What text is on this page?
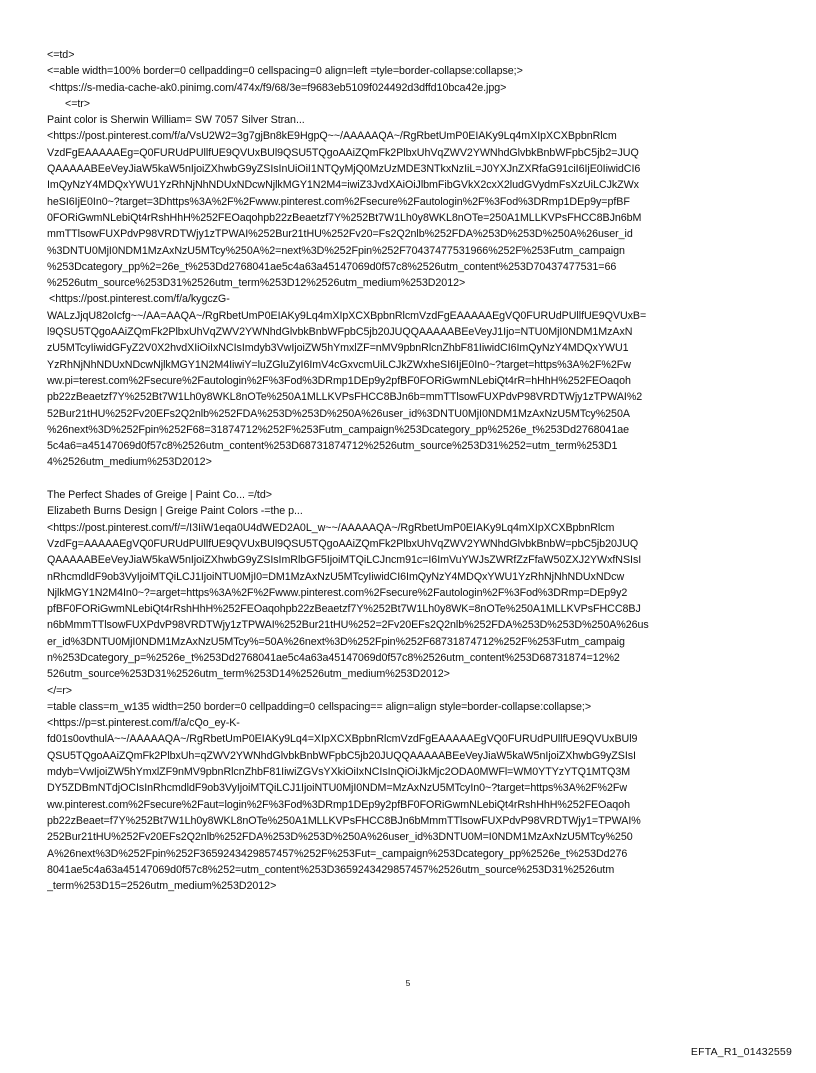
<=td>
<=able width=100% border=0 cellpadding=0 cellspacing=0 align=left =tyle=border-collapse:collapse;>
<https://s-media-cache-ak0.pinimg.com/474x/f9/68/3e=f9683eb5109f024492d3dffd10bca42e.jpg>
<=tr>
Paint color is Sherwin William= SW 7057 Silver Stran...
<https://post.pinterest.com/f/a/VsU2W2=3g7gjBn8kE9HgpQ~~/AAAAAQA~/RgRbetUmP0EIAKy9Lq4mXIpXCXBpbnRlcm
VzdFgEAAAAAEg=Q0FURUdPUllfUE9QVUxBUl9QSU5TQgoAAiZQmFk2PlbxUhVqZWV2YWNhdGlvbkBnbWFpbC5jb2=JUQ
QAAAAABEeVeyJiaW5kaW5nIjoiZXhwbG9yZSIsInUiOiI1NTQyMjQ0MzUzMDE3NTkxNzIiL=J0YXJnZXRfaG91ciI6IjE0IiwidCI6
ImQyNzY4MDQxYWU1YzRhNjNhNDUxNDcwNjlkMGY1N2M4=iwiZ3JvdXAiOiJlbmFibGVkX2cxX2ludGVydmFsXzUiLCJkZWx
heSI6IjE0In0~?target=3Dhttps%3A%2F%2Fwww.pinterest.com%2Fsecure%2Fautologin%2F%3Fod%3DRmp1DEp9y=pfBF
0FORiGwmNLebiQt4rRshHhH%252FEOaqohpb22zBeaetzf7Y%252Bt7W1Lh0y8WKL8nOTe=250A1MLLKVPsFHCC8BJn6bM
mmTTlsowFUXPdvP98VRDTWjy1zTPWAI%252Bur21tHU%252Fv20=Fs2Q2nlb%252FDA%253D%253D%250A%26user_id
%3DNTU0MjI0NDM1MzAxNzU5MTcy%250A%2=next%3D%252Fpin%252F70437477531966%252F%253Futm_campaign
%253Dcategory_pp%2=26e_t%253Dd2768041ae5c4a63a45147069d0f57c8%2526utm_content%253D70437477531=66
%2526utm_source%253D31%2526utm_term%253D12%2526utm_medium%253D2012>
<https://post.pinterest.com/f/a/kygczG-
WALzJjqU82oIcfg~~/AA=AAQA~/RgRbetUmP0EIAKy9Lq4mXIpXCXBpbnRlcmVzdFgEAAAAAEgVQ0FURUdPUllfUE9QVUxB=
l9QSU5TQgoAAiZQmFk2PlbxUhVqZWV2YWNhdGlvbkBnbWFpbC5jb20JUQQAAAAABEeVeyJ1Ijo=NTU0MjI0NDM1MzAxN
zU5MTcyIiwidGFyZ2V0X2hvdXIiOiIxNCIsImdyb3VwIjoiZW5hYmxlZF=nMV9pbnRlcnZhbF81IiwidCI6ImQyNzY4MDQxYWU1
YzRhNjNhNDUxNDcwNjlkMGY1N2M4IiwiY=luZGluZyI6ImV4cGxvcmUiLCJkZWxheSI6IjE0In0~?target=https%3A%2F%2Fw
ww.pi=terest.com%2Fsecure%2Fautologin%2F%3Fod%3DRmp1DEp9y2pfBF0FORiGwmNLebiQt4rR=hHhH%252FEOaqoh
pb22zBeaetzf7Y%252Bt7W1Lh0y8WKL8nOTe%250A1MLLKVPsFHCC8BJn6b=mmTTlsowFUXPdvP98VRDTWjy1zTPWAI%2
52Bur21tHU%252Fv20EFs2Q2nlb%252FDA%253D%253D%250A%26user_id%3DNTU0MjI0NDM1MzAxNzU5MTcy%250A
%26next%3D%252Fpin%252F68=31874712%252F%253Futm_campaign%253Dcategory_pp%2526e_t%253Dd2768041ae
5c4a6=a45147069d0f57c8%2526utm_content%253D68731874712%2526utm_source%253D31%252=utm_term%253D1
4%2526utm_medium%253D2012>
The Perfect Shades of Greige | Paint Co... =/td>
Elizabeth Burns Design | Greige Paint Colors -=the p...
<https://post.pinterest.com/f/=/I3IiW1eqa0U4dWED2A0L_w~~/AAAAAQA~/RgRbetUmP0EIAKy9Lq4mXIpXCXBpbnRlcm
VzdFg=AAAAAEgVQ0FURUdPUllfUE9QVUxBUl9QSU5TQgoAAiZQmFk2PlbxUhVqZWV2YWNhdGlvbkBnbW=pbC5jb20JUQ
QAAAAABEeVeyJiaW5kaW5nIjoiZXhwbG9yZSIsImRlbGF5IjoiMTQiLCJncm91c=I6ImVuYWJsZWRfZzFfaW50ZXJ2YWxfNSIsI
nRhcmdldF9ob3VyIjoiMTQiLCJ1IjoiNTU0MjI0=DM1MzAxNzU5MTcyIiwidCI6ImQyNzY4MDQxYWU1YzRhNjNhNDUxNDcw
NjlkMGY1N2M4In0~?=arget=https%3A%2F%2Fwww.pinterest.com%2Fsecure%2Fautologin%2F%3Fod%3DRmp=DEp9y2
pfBF0FORiGwmNLebiQt4rRshHhH%252FEOaqohpb22zBeaetzf7Y%252Bt7W1Lh0y8WK=8nOTe%250A1MLLKVPsFHCC8BJ
n6bMmmTTlsowFUXPdvP98VRDTWjy1zTPWAI%252Bur21tHU%252=2Fv20EFs2Q2nlb%252FDA%253D%253D%250A%26us
er_id%3DNTU0MjI0NDM1MzAxNzU5MTcy%=50A%26next%3D%252Fpin%252F68731874712%252F%253Futm_campaig
n%253Dcategory_p=%2526e_t%253Dd2768041ae5c4a63a45147069d0f57c8%2526utm_content%253D68731874=12%2
526utm_source%253D31%2526utm_term%253D14%2526utm_medium%253D2012>
</=r>
=table class=m_w135 width=250 border=0 cellpadding=0 cellspacing== align=align style=border-collapse:collapse;>
<https://p=st.pinterest.com/f/a/cQo_ey-K-
fd01s0ovthulA~~/AAAAAQA~/RgRbetUmP0EIAKy9Lq4=XIpXCXBpbnRlcmVzdFgEAAAAAEgVQ0FURUdPUllfUE9QVUxBUl9
QSU5TQgoAAiZQmFk2PlbxUh=qZWV2YWNhdGlvbkBnbWFpbC5jb20JUQQAAAAABEeVeyJiaW5kaW5nIjoiZXhwbG9yZSIsI
mdyb=VwIjoiZW5hYmxlZF9nMV9pbnRlcnZhbF81IiwiZGVsYXkiOiIxNCIsInQiOiJkMjc2ODA0MWFl=WM0YTYzYTQ1MTQ3M
DY5ZDBmNTdjOCIsInRhcmdldF9ob3VyIjoiMTQiLCJ1IjoiNTU0MjI0NDM=MzAxNzU5MTcyIn0~?target=https%3A%2F%2Fw
ww.pinterest.com%2Fsecure%2Faut=login%2F%3Fod%3DRmp1DEp9y2pfBF0FORiGwmNLebiQt4rRshHhH%252FEOaqoh
pb22zBeaet=f7Y%252Bt7W1Lh0y8WKL8nOTe%250A1MLLKVPsFHCC8BJn6bMmmTTlsowFUXPdvP98VRDTWjy1=TPWAI%
252Bur21tHU%252Fv20EFs2Q2nlb%252FDA%253D%253D%250A%26user_id%3DNTU0M=I0NDM1MzAxNzU5MTcy%250
A%26next%3D%252Fpin%252F3659243429857457%252F%253Fut=_campaign%253Dcategory_pp%2526e_t%253Dd276
8041ae5c4a63a45147069d0f57c8%252=utm_content%253D3659243429857457%2526utm_source%253D31%2526utm
_term%253D15=2526utm_medium%253D2012>
5
EFTA_R1_01432559
